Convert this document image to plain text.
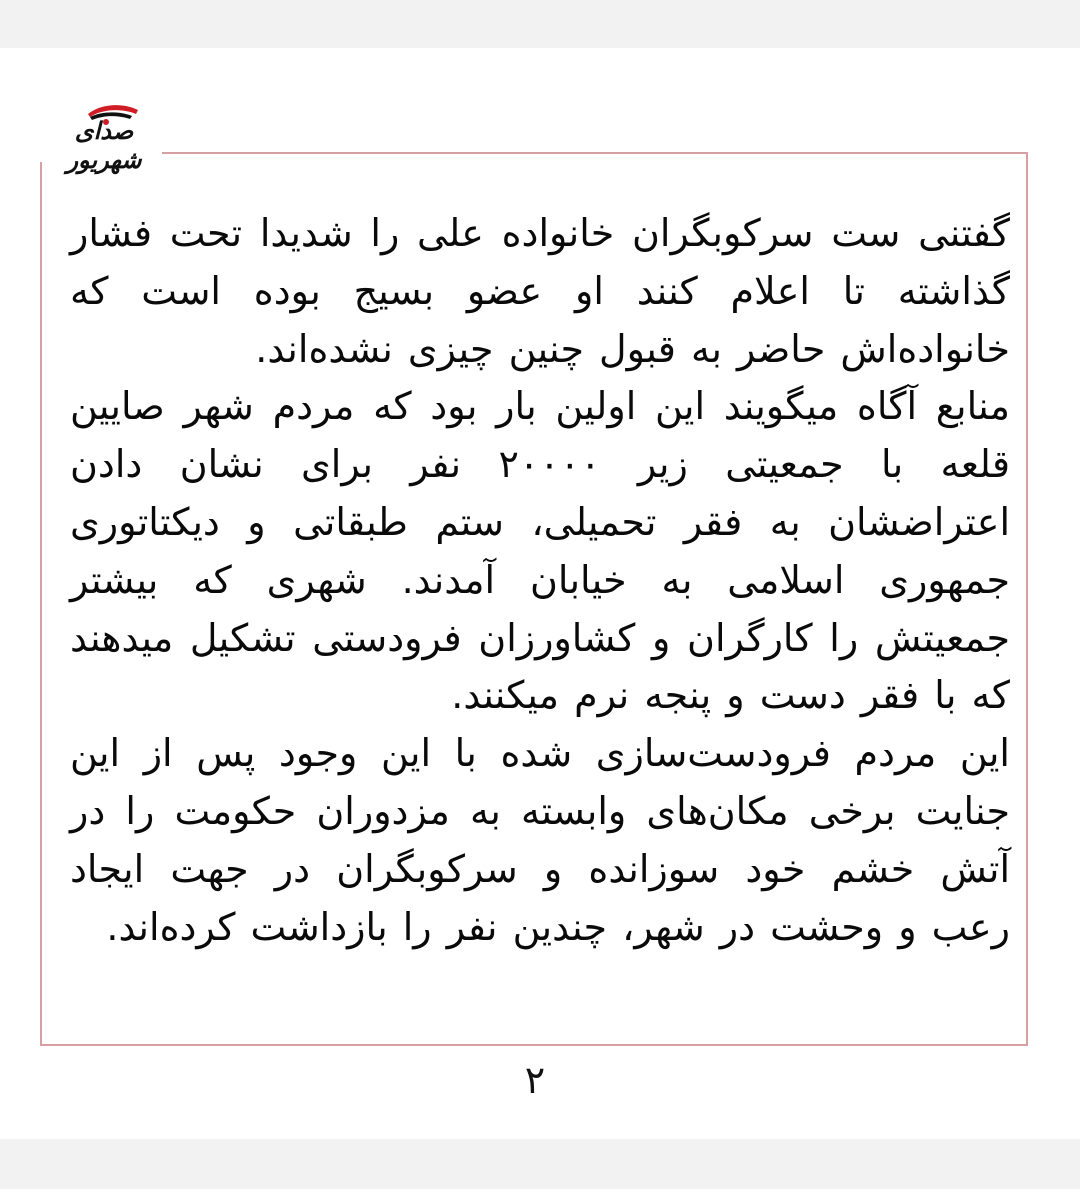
صدای شهریور

گفتنی ست سرکوبگران خانواده علی را شدیدا تحت فشار گذاشته تا اعلام کنند او عضو بسیج بوده است که خانواده‌اش حاضر به قبول چنین چیزی نشده‌اند.

منابع آگاه میگویند این اولین بار بود که مردم شهر صایین قلعه با جمعیتی زیر ۲۰۰۰۰ نفر برای نشان دادن اعتراضشان به فقر تحمیلی، ستم طبقاتی و دیکتاتوری جمهوری اسلامی به خیابان آمدند. شهری که بیشتر جمعیتش را کارگران و کشاورزان فرودستی تشکیل میدهند که با فقر دست و پنجه نرم میکنند.

این مردم فرودست‌سازی شده با این وجود پس از این جنایت برخی مکان‌های وابسته به مزدوران حکومت را در آتش خشم خود سوزانده و سرکوبگران در جهت ایجاد رعب و وحشت در شهر، چندین نفر را بازداشت کرده‌اند.

۲
